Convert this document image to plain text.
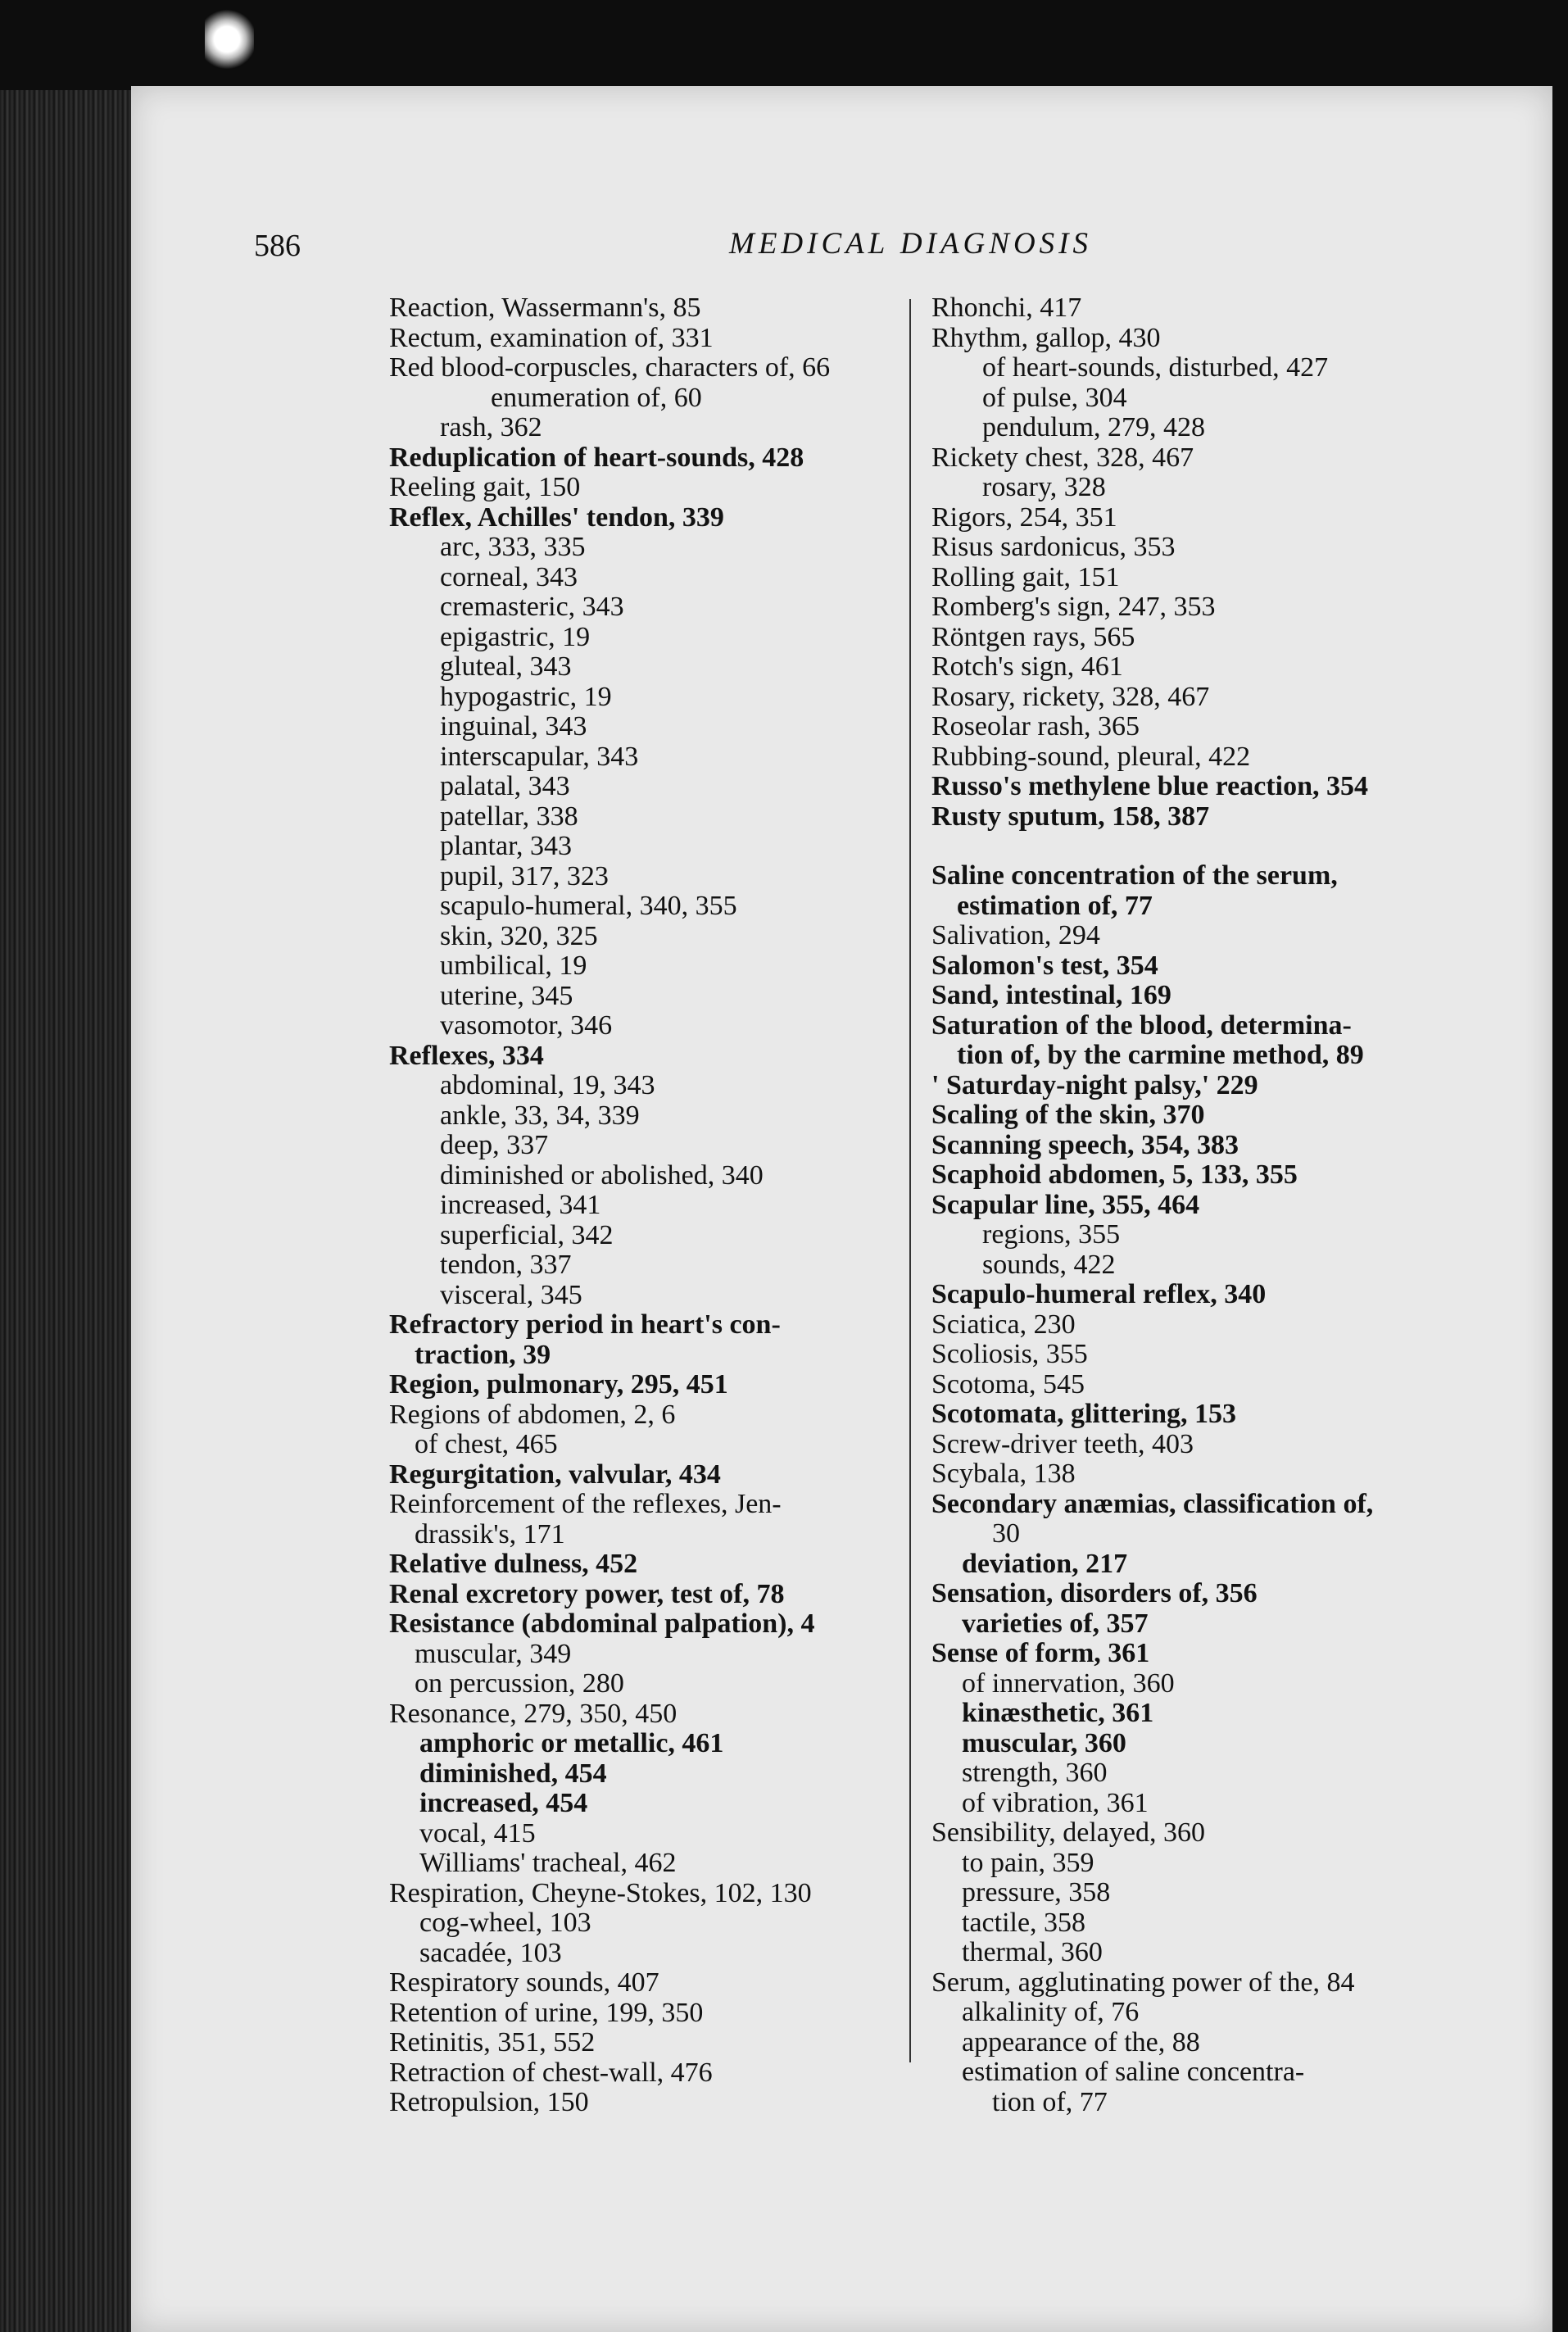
586	MEDICAL DIAGNOSIS
Reaction, Wassermann's, 85
Rectum, examination of, 331
Red blood-corpuscles, characters of, 66
enumeration of, 60
rash, 362
Reduplication of heart-sounds, 428
Reeling gait, 150
Reflex, Achilles' tendon, 339
arc, 333, 335
corneal, 343
cremasteric, 343
epigastric, 19
gluteal, 343
hypogastric, 19
inguinal, 343
interscapular, 343
palatal, 343
patellar, 338
plantar, 343
pupil, 317, 323
scapulo-humeral, 340, 355
skin, 320, 325
umbilical, 19
uterine, 345
vasomotor, 346
Reflexes, 334
abdominal, 19, 343
ankle, 33, 34, 339
deep, 337
diminished or abolished, 340
increased, 341
superficial, 342
tendon, 337
visceral, 345
Refractory period in heart's con-
traction, 39
Region, pulmonary, 295, 451
Regions of abdomen, 2, 6
of chest, 465
Regurgitation, valvular, 434
Reinforcement of the reflexes, Jen-
drassik's, 171
Relative dulness, 452
Renal excretory power, test of, 78
Resistance (abdominal palpation), 4
muscular, 349
on percussion, 280
Resonance, 279, 350, 450
amphoric or metallic, 461
diminished, 454
increased, 454
vocal, 415
Williams' tracheal, 462
Respiration, Cheyne-Stokes, 102, 130
cog-wheel, 103
sacadée, 103
Respiratory sounds, 407
Retention of urine, 199, 350
Retinitis, 351, 552
Retraction of chest-wall, 476
Retropulsion, 150
Rhonchi, 417
Rhythm, gallop, 430
of heart-sounds, disturbed, 427
of pulse, 304
pendulum, 279, 428
Rickety chest, 328, 467
rosary, 328
Rigors, 254, 351
Risus sardonicus, 353
Rolling gait, 151
Romberg's sign, 247, 353
Röntgen rays, 565
Rotch's sign, 461
Rosary, rickety, 328, 467
Roseolar rash, 365
Rubbing-sound, pleural, 422
Russo's methylene blue reaction, 354
Rusty sputum, 158, 387
Saline concentration of the serum,
estimation of, 77
Salivation, 294
Salomon's test, 354
Sand, intestinal, 169
Saturation of the blood, determina-
tion of, by the carmine method, 89
' Saturday-night palsy,' 229
Scaling of the skin, 370
Scanning speech, 354, 383
Scaphoid abdomen, 5, 133, 355
Scapular line, 355, 464
regions, 355
sounds, 422
Scapulo-humeral reflex, 340
Sciatica, 230
Scoliosis, 355
Scotoma, 545
Scotomata, glittering, 153
Screw-driver teeth, 403
Scybala, 138
Secondary anæmias, classification of,
30
deviation, 217
Sensation, disorders of, 356
varieties of, 357
Sense of form, 361
of innervation, 360
kinæsthetic, 361
muscular, 360
strength, 360
of vibration, 361
Sensibility, delayed, 360
to pain, 359
pressure, 358
tactile, 358
thermal, 360
Serum, agglutinating power of the, 84
alkalinity of, 76
appearance of the, 88
estimation of saline concentra-
tion of, 77
